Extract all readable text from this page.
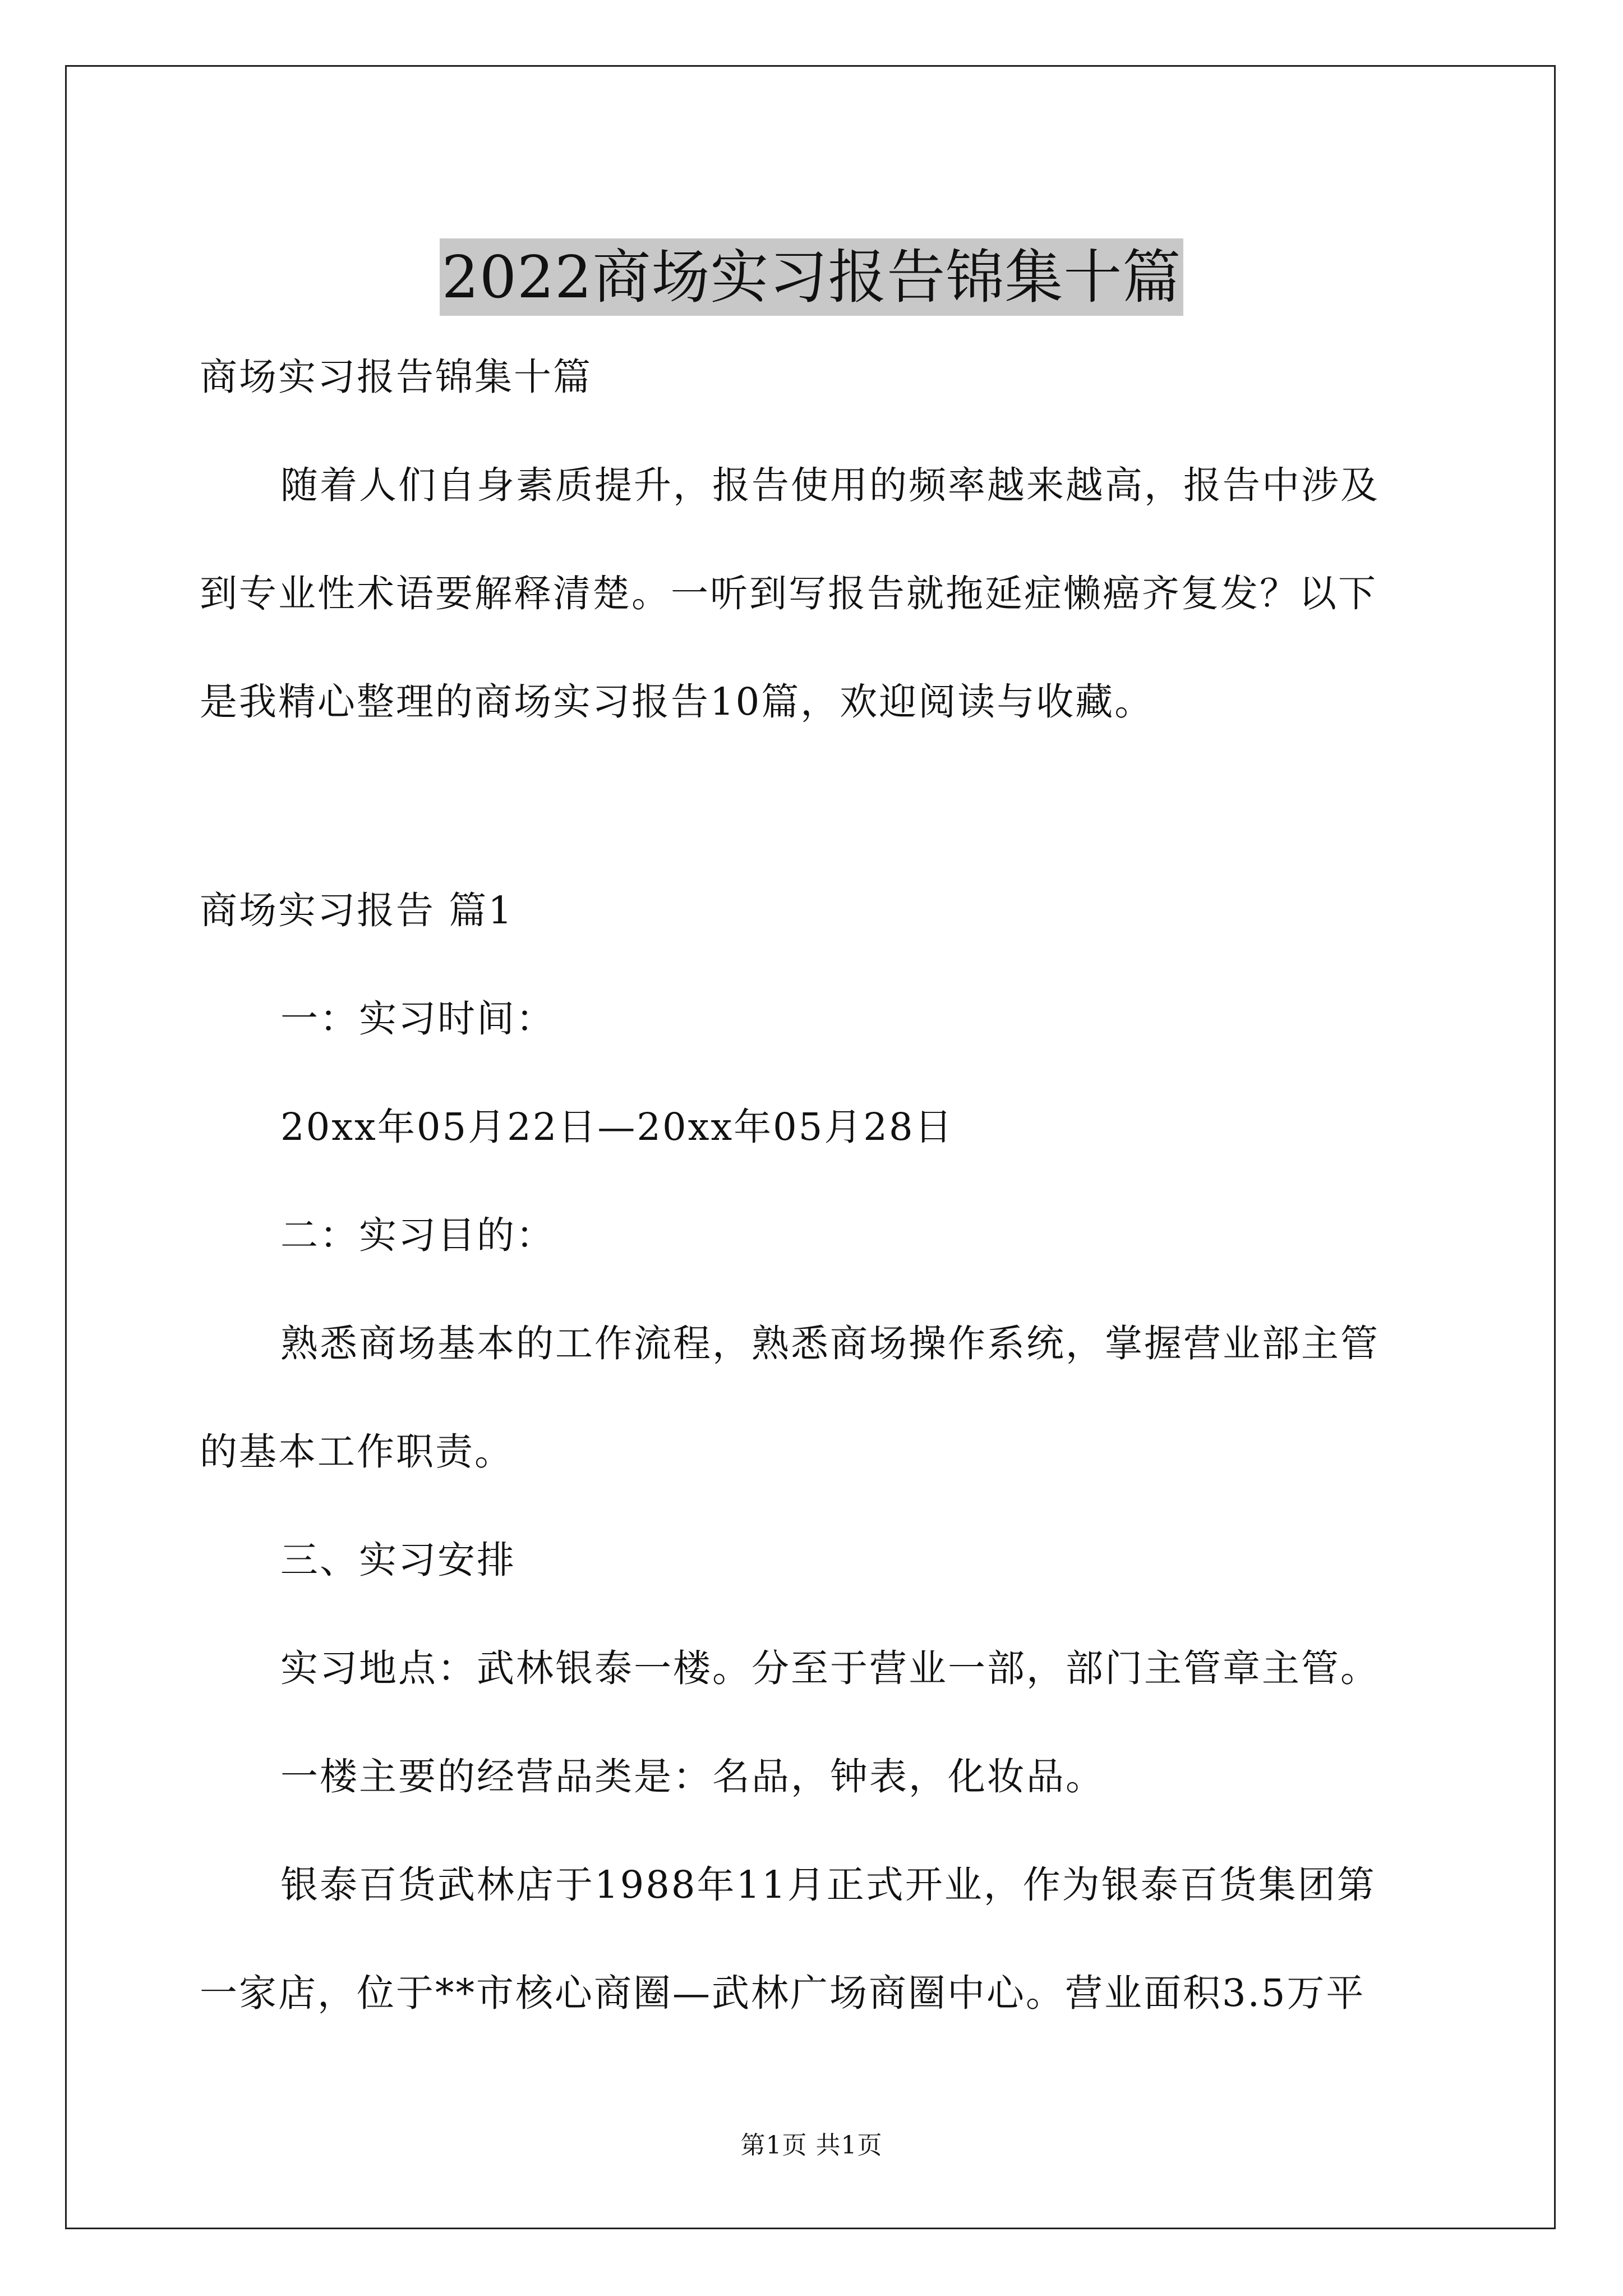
2022商场实习报告锦集十篇
商场实习报告锦集十篇
随着人们自身素质提升，报告使用的频率越来越高，报告中涉及
到专业性术语要解释清楚。一听到写报告就拖延症懒癌齐复发？以下
是我精心整理的商场实习报告10篇，欢迎阅读与收藏。
商场实习报告 篇1
一：实习时间：
20xx年05月22日—20xx年05月28日
二：实习目的：
熟悉商场基本的工作流程，熟悉商场操作系统，掌握营业部主管
的基本工作职责。
三、实习安排
实习地点：武林银泰一楼。分至于营业一部，部门主管章主管。
一楼主要的经营品类是：名品，钟表，化妆品。
银泰百货武林店于1988年11月正式开业，作为银泰百货集团第
一家店，位于**市核心商圈—武林广场商圈中心。营业面积3.5万平
第1页 共1页
